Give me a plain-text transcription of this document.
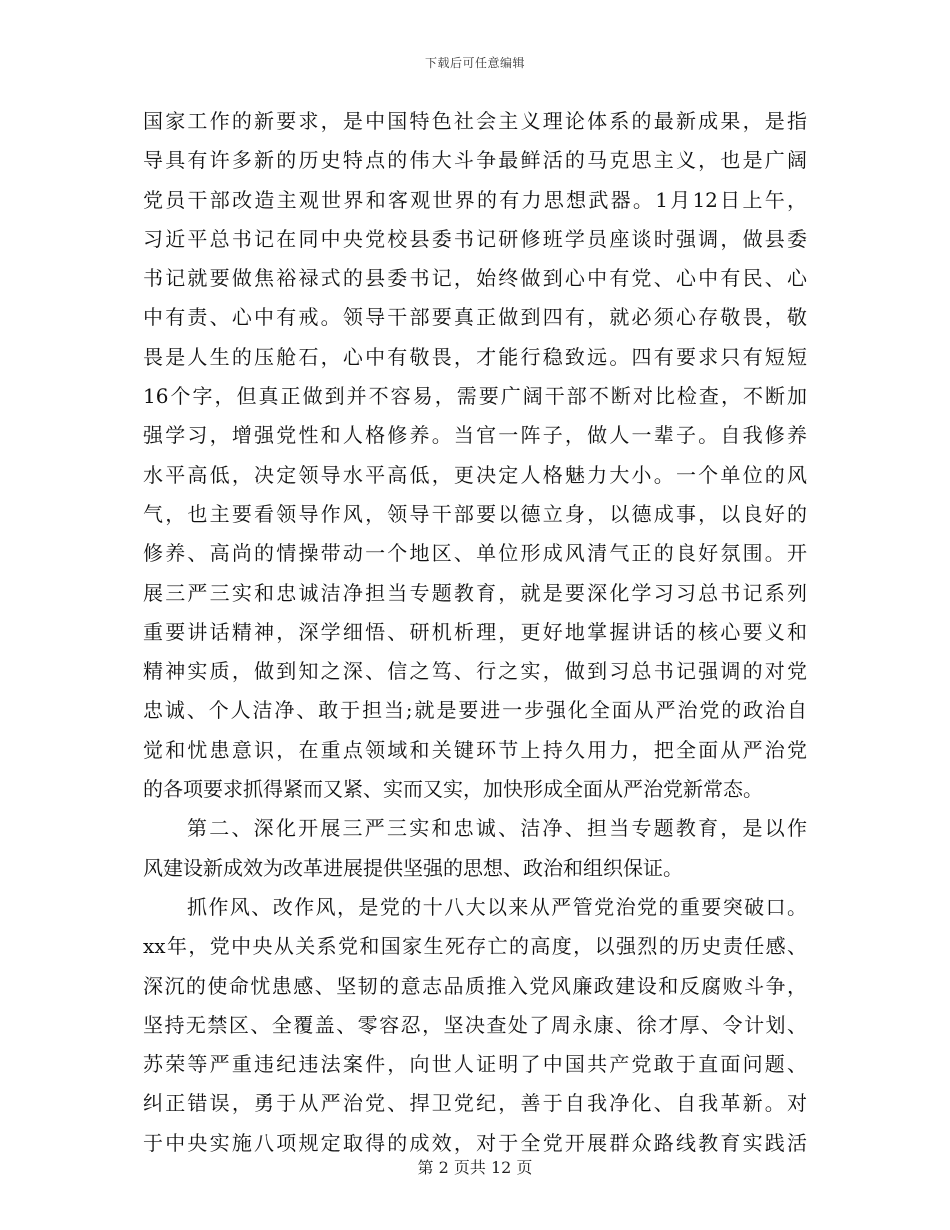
下载后可任意编辑
国家工作的新要求，是中国特色社会主义理论体系的最新成果，是指
导具有许多新的历史特点的伟大斗争最鲜活的马克思主义，也是广阔
党员干部改造主观世界和客观世界的有力思想武器。1月12日上午，
习近平总书记在同中央党校县委书记研修班学员座谈时强调，做县委
书记就要做焦裕禄式的县委书记，始终做到心中有党、心中有民、心
中有责、心中有戒。领导干部要真正做到四有，就必须心存敬畏，敬
畏是人生的压舱石，心中有敬畏，才能行稳致远。四有要求只有短短
16个字，但真正做到并不容易，需要广阔干部不断对比检查，不断加
强学习，增强党性和人格修养。当官一阵子，做人一辈子。自我修养
水平高低，决定领导水平高低，更决定人格魅力大小。一个单位的风
气，也主要看领导作风，领导干部要以德立身，以德成事，以良好的
修养、高尚的情操带动一个地区、单位形成风清气正的良好氛围。开
展三严三实和忠诚洁净担当专题教育，就是要深化学习习总书记系列
重要讲话精神，深学细悟、研机析理，更好地掌握讲话的核心要义和
精神实质，做到知之深、信之笃、行之实，做到习总书记强调的对党
忠诚、个人洁净、敢于担当;就是要进一步强化全面从严治党的政治自
觉和忧患意识，在重点领域和关键环节上持久用力，把全面从严治党
的各项要求抓得紧而又紧、实而又实，加快形成全面从严治党新常态。
第二、深化开展三严三实和忠诚、洁净、担当专题教育，是以作
风建设新成效为改革进展提供坚强的思想、政治和组织保证。
抓作风、改作风，是党的十八大以来从严管党治党的重要突破口。
xx年，党中央从关系党和国家生死存亡的高度，以强烈的历史责任感、
深沉的使命忧患感、坚韧的意志品质推入党风廉政建设和反腐败斗争，
坚持无禁区、全覆盖、零容忍，坚决查处了周永康、徐才厚、令计划、
苏荣等严重违纪违法案件，向世人证明了中国共产党敢于直面问题、
纠正错误，勇于从严治党、捍卫党纪，善于自我净化、自我革新。对
于中央实施八项规定取得的成效，对于全党开展群众路线教育实践活
第 2 页共 12 页
